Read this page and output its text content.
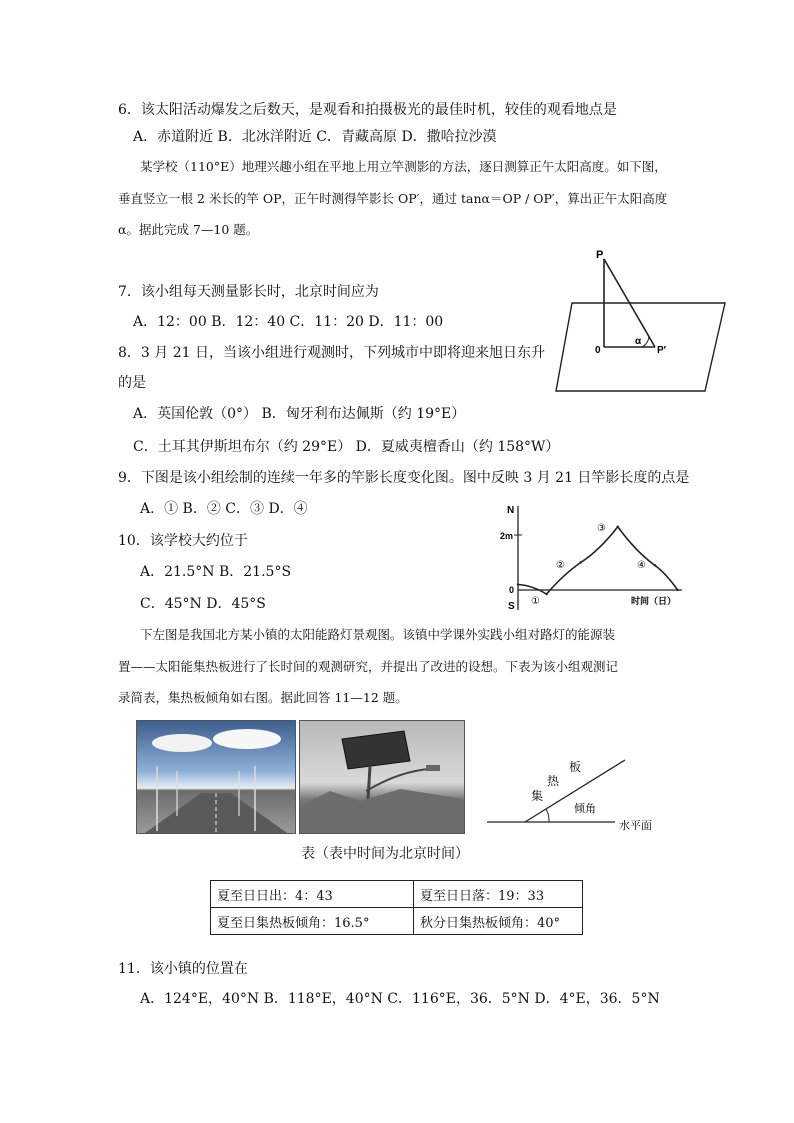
6．该太阳活动爆发之后数天，是观看和拍摄极光的最佳时机，较佳的观看地点是
A．赤道附近 B．北冰洋附近 C．青藏高原 D．撒哈拉沙漠
某学校（110°E）地理兴趣小组在平地上用立竿测影的方法，逐日测算正午太阳高度。如下图，
垂直竖立一根 2 米长的竿 OP，正午时测得竿影长 OP′，通过 tanα＝OP / OP′，算出正午太阳高度
α。据此完成 7—10 题。
7．该小组每天测量影长时，北京时间应为
A．12：00 B．12：40 C．11：20 D．11：00
8．3 月 21 日，当该小组进行观测时，下列城市中即将迎来旭日东升
的是
A．英国伦敦（0°） B．匈牙利布达佩斯（约 19°E）
C．土耳其伊斯坦布尔（约 29°E） D．夏威夷檀香山（约 158°W）
9．下图是该小组绘制的连续一年多的竿影长度变化图。图中反映 3 月 21 日竿影长度的点是
A．① B．② C．③ D．④
10．该学校大约位于
A．21.5°N B．21.5°S
C．45°N D．45°S
下左图是我国北方某小镇的太阳能路灯景观图。该镇中学课外实践小组对路灯的能源装
置——太阳能集热板进行了长时间的观测研究，并提出了改进的设想。下表为该小组观测记
录简表，集热板倾角如右图。据此回答 11—12 题。
P
0
α
P′
N
S
2m
0
时间（日）
①
②
③
④
集
热
板
倾角
水平面
表（表中时间为北京时间）
夏至日日出：4：43	夏至日日落：19：33
夏至日集热板倾角：16.5°	秋分日集热板倾角：40°
11．该小镇的位置在
A．124°E，40°N B．118°E，40°N C．116°E，36．5°N D．4°E，36．5°N
